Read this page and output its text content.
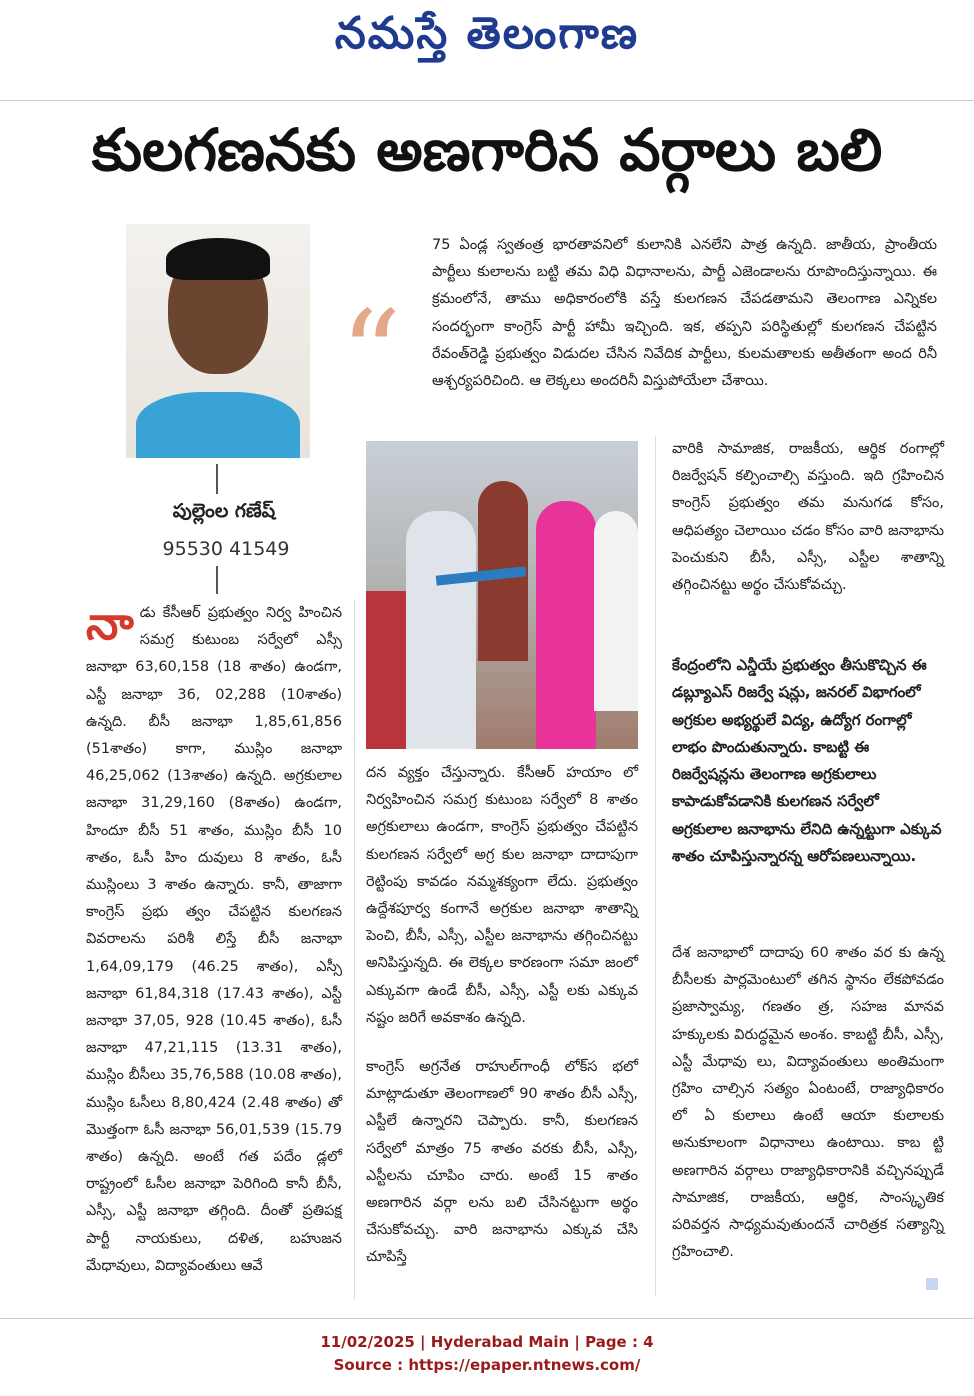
నమస్తే తెలంగాణ
కులగణనకు అణగారిన వర్గాలు బలి
పుల్లెంల గణేష్
95530 41549
“
75 ఏండ్ల స్వతంత్ర భారతావనిలో కులానికి ఎనలేని పాత్ర ఉన్నది. జాతీయ, ప్రాంతీయ పార్టీలు కులాలను బట్టి తమ విధి విధానాలను, పార్టీ ఎజెండాలను రూపొందిస్తున్నాయి. ఈ క్రమంలోనే, తాము అధికారంలోకి వస్తే కులగణన చేపడతామని తెలంగాణ ఎన్నికల సందర్భంగా కాంగ్రెస్ పార్టీ హామీ ఇచ్చింది. ఇక, తప్పని పరిస్థితుల్లో కులగణన చేపట్టిన రేవంత్‌రెడ్డి ప్రభుత్వం విడుదల చేసిన నివేదిక పార్టీలు, కులమతాలకు అతీతంగా అంద రినీ ఆశ్చర్యపరిచింది. ఆ లెక్కలు అందరినీ విస్తుపోయేలా చేశాయి.
నాడు కేసీఆర్ ప్రభుత్వం నిర్వ హించిన సమగ్ర కుటుంబ సర్వేలో ఎస్సీ జనాభా 63,60,158 (18 శాతం) ఉండగా, ఎస్టీ జనాభా 36, 02,288 (10శాతం) ఉన్నది. బీసీ జనాభా 1,85,61,856 (51శాతం) కాగా, ముస్లిం జనాభా 46,25,062 (13శాతం) ఉన్నది. అగ్రకులాల జనాభా 31,29,160 (8శాతం) ఉండగా, హిందూ బీసీ 51 శాతం, ముస్లిం బీసీ 10 శాతం, ఓసీ హిం దువులు 8 శాతం, ఓసీ ముస్లింలు 3 శాతం ఉన్నారు. కానీ, తాజాగా కాంగ్రెస్ ప్రభు త్వం చేపట్టిన కులగణన వివరాలను పరిశీ లిస్తే బీసీ జనాభా 1,64,09,179 (46.25 శాతం), ఎస్సీ జనాభా 61,84,318 (17.43 శాతం), ఎస్టీ జనాభా 37,05, 928 (10.45 శాతం), ఓసీ జనాభా 47,21,115 (13.31 శాతం), ముస్లిం బీసీలు 35,76,588 (10.08 శాతం), ముస్లిం ఓసీలు 8,80,424 (2.48 శాతం) తో మొత్తంగా ఓసీ జనాభా 56,01,539 (15.79 శాతం) ఉన్నది. అంటే గత పదేం డ్లలో రాష్ట్రంలో ఓసీల జనాభా పెరిగింది కానీ బీసీ, ఎస్సీ, ఎస్టీ జనాభా తగ్గింది. దీంతో ప్రతిపక్ష పార్టీ నాయకులు, దళిత, బహుజన మేధావులు, విద్యావంతులు ఆవే
దన వ్యక్తం చేస్తున్నారు. కేసీఆర్ హయాం లో నిర్వహించిన సమగ్ర కుటుంబ సర్వేలో 8 శాతం అగ్రకులాలు ఉండగా, కాంగ్రెస్ ప్రభుత్వం చేపట్టిన కులగణన సర్వేలో అగ్ర కుల జనాభా దాదాపుగా రెట్టింపు కావడం నమ్మశక్యంగా లేదు. ప్రభుత్వం ఉద్దేశపూర్వ కంగానే అగ్రకుల జనాభా శాతాన్ని పెంచి, బీసీ, ఎస్సీ, ఎస్టీల జనాభాను తగ్గించినట్టు అనిపిస్తున్నది. ఈ లెక్కల కారణంగా సమా జంలో ఎక్కువగా ఉండే బీసీ, ఎస్సీ, ఎస్టీ లకు ఎక్కువ నష్టం జరిగే అవకాశం ఉన్నది.
కాంగ్రెస్ అగ్రనేత రాహుల్‌గాంధీ లోక్‌స భలో మాట్లాడుతూ తెలంగాణలో 90 శాతం బీసీ ఎస్సీ, ఎస్టీలే ఉన్నారని చెప్పారు. కానీ, కులగణన సర్వేలో మాత్రం 75 శాతం వరకు బీసీ, ఎస్సీ, ఎస్టీలను చూపిం చారు. అంటే 15 శాతం అణగారిన వర్గా లను బలి చేసినట్టుగా అర్థం చేసుకోవచ్చు. వారి జనాభాను ఎక్కువ చేసి చూపిస్తే
వారికి సామాజిక, రాజకీయ, ఆర్థిక రంగాల్లో రిజర్వేషన్ కల్పించాల్సి వస్తుంది. ఇది గ్రహించిన కాంగ్రెస్ ప్రభుత్వం తమ మనుగడ కోసం, ఆధిపత్యం చెలాయిం చడం కోసం వారి జనాభాను పెంచుకుని బీసీ, ఎస్సీ, ఎస్టీల శాతాన్ని తగ్గించినట్టు అర్థం చేసుకోవచ్చు.
కేంద్రంలోని ఎన్డీయే ప్రభుత్వం తీసుకొచ్చిన ఈ డబ్ల్యూఎస్ రిజర్వే షన్లు, జనరల్ విభాగంలో అగ్రకుల అభ్యర్థులే విద్య, ఉద్యోగ రంగాల్లో లాభం పొందుతున్నారు. కాబట్టి ఈ రిజర్వేషన్లను తెలంగాణ అగ్రకులాలు కాపాడుకోవడానికి కులగణన సర్వేలో అగ్రకులాల జనాభాను లేనిది ఉన్నట్టుగా ఎక్కువ శాతం చూపిస్తున్నారన్న ఆరోపణలున్నాయి.
దేశ జనాభాలో దాదాపు 60 శాతం వర కు ఉన్న బీసీలకు పార్లమెంటులో తగిన స్థానం లేకపోవడం ప్రజాస్వామ్య, గణతం త్ర, సహజ మానవ హక్కులకు విరుద్ధమైన అంశం. కాబట్టి బీసీ, ఎస్సీ, ఎస్టీ మేధావు లు, విద్యావంతులు అంతిమంగా గ్రహిం చాల్సిన సత్యం ఏంటంటే, రాజ్యాధికారం లో ఏ కులాలు ఉంటే ఆయా కులాలకు అనుకూలంగా విధానాలు ఉంటాయి. కాబ ట్టి అణగారిన వర్గాలు రాజ్యాధికారానికి వచ్చినప్పుడే సామాజిక, రాజకీయ, ఆర్థిక, సాంస్కృతిక పరివర్తన సాధ్యమవుతుందనే చారిత్రక సత్యాన్ని గ్రహించాలి.
11/02/2025 | Hyderabad Main | Page : 4
Source : https://epaper.ntnews.com/
